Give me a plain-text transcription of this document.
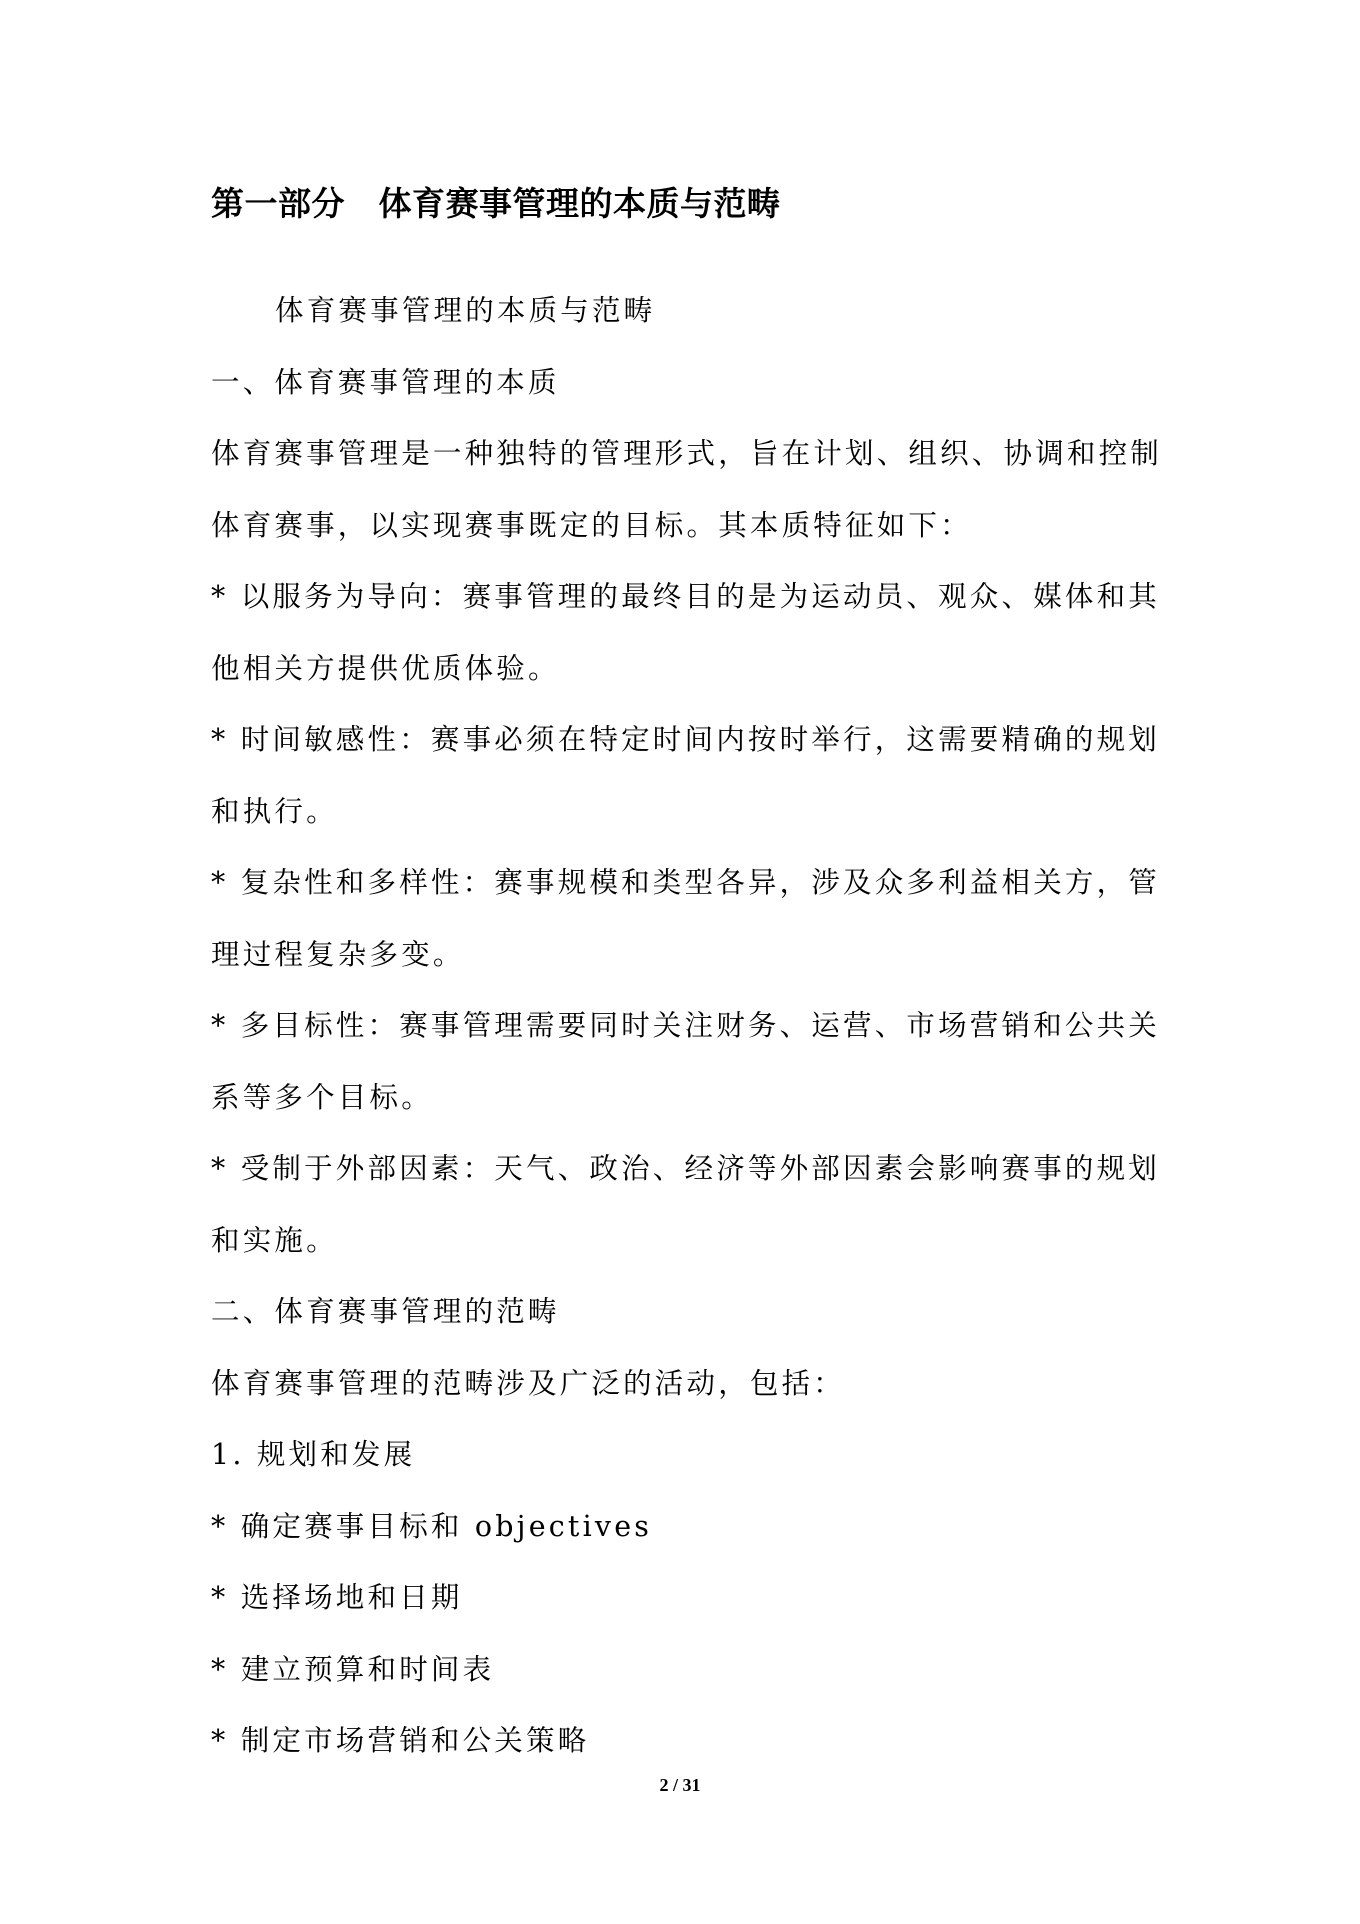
第一部分　体育赛事管理的本质与范畴

体育赛事管理的本质与范畴

一、体育赛事管理的本质

体育赛事管理是一种独特的管理形式，旨在计划、组织、协调和控制体育赛事，以实现赛事既定的目标。其本质特征如下：

* 以服务为导向：赛事管理的最终目的是为运动员、观众、媒体和其他相关方提供优质体验。

* 时间敏感性：赛事必须在特定时间内按时举行，这需要精确的规划和执行。

* 复杂性和多样性：赛事规模和类型各异，涉及众多利益相关方，管理过程复杂多变。

* 多目标性：赛事管理需要同时关注财务、运营、市场营销和公共关系等多个目标。

* 受制于外部因素：天气、政治、经济等外部因素会影响赛事的规划和实施。

二、体育赛事管理的范畴

体育赛事管理的范畴涉及广泛的活动，包括：

1. 规划和发展

* 确定赛事目标和 objectives

* 选择场地和日期

* 建立预算和时间表

* 制定市场营销和公关策略

2 / 31
